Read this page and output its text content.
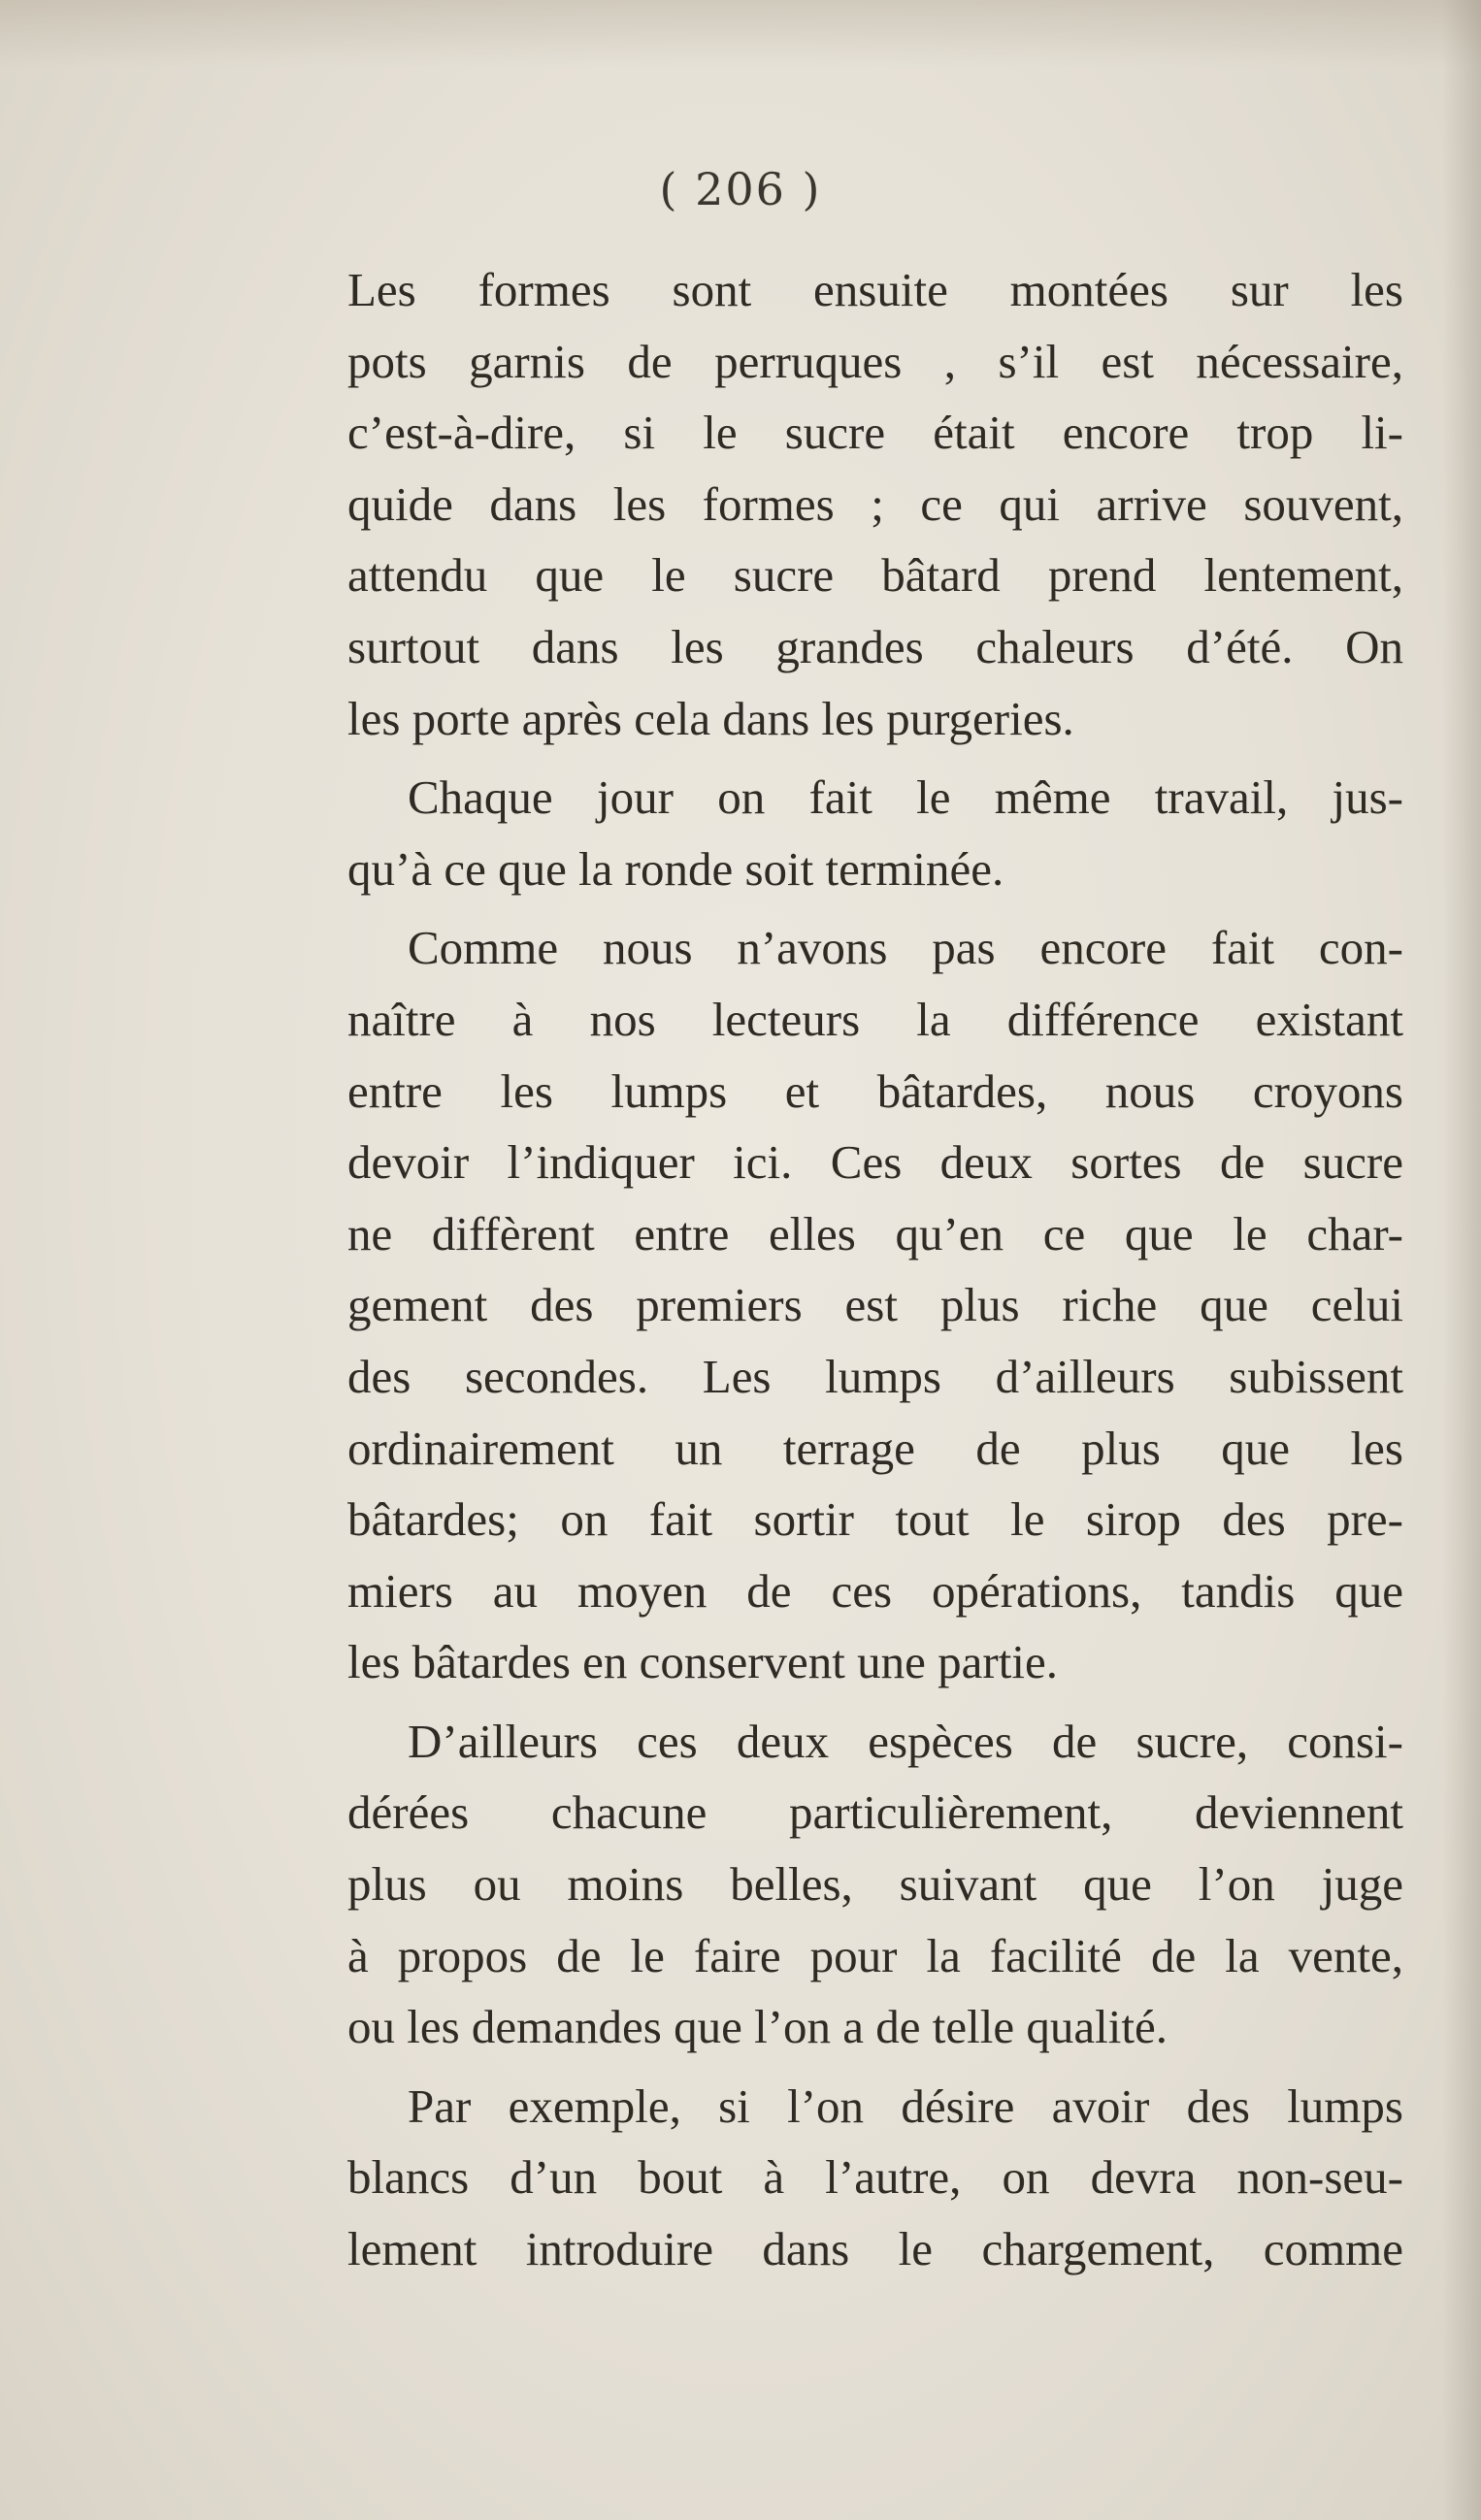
( 206 )
Les formes sont ensuite montées sur les
pots garnis de perruques , s’il est nécessaire,
c’est-à-dire, si le sucre était encore trop li-
quide dans les formes ; ce qui arrive souvent,
attendu que le sucre bâtard prend lentement,
surtout dans les grandes chaleurs d’été. On
les porte après cela dans les purgeries.
Chaque jour on fait le même travail, jus-
qu’à ce que la ronde soit terminée.
Comme nous n’avons pas encore fait con-
naître à nos lecteurs la différence existant
entre les lumps et bâtardes, nous croyons
devoir l’indiquer ici. Ces deux sortes de sucre
ne diffèrent entre elles qu’en ce que le char-
gement des premiers est plus riche que celui
des secondes. Les lumps d’ailleurs subissent
ordinairement un terrage de plus que les
bâtardes; on fait sortir tout le sirop des pre-
miers au moyen de ces opérations, tandis que
les bâtardes en conservent une partie.
D’ailleurs ces deux espèces de sucre, consi-
dérées chacune particulièrement, deviennent
plus ou moins belles, suivant que l’on juge
à propos de le faire pour la facilité de la vente,
ou les demandes que l’on a de telle qualité.
Par exemple, si l’on désire avoir des lumps
blancs d’un bout à l’autre, on devra non-seu-
lement introduire dans le chargement, comme
